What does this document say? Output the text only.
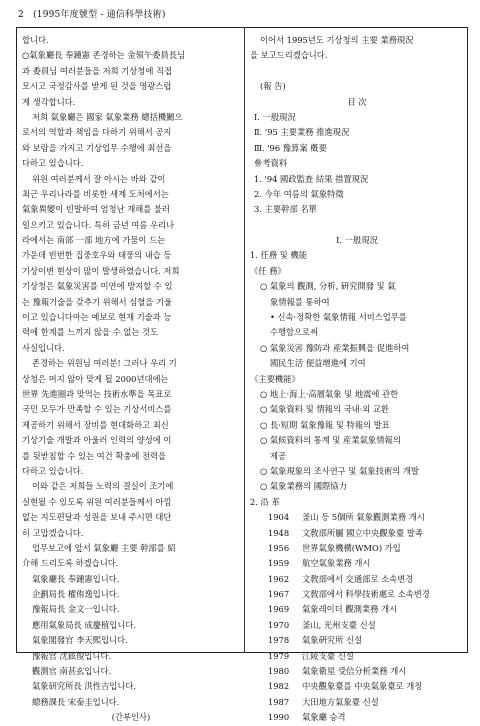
2 (1995年度號型 - 通信科學技術)
합니다.
○氣象廳長 奉鍾憲 존경하는 金領午委員長님
과 委員님 여러분들을 저희 기상청에 직접
모시고 국정감사를 받게 된 것을 영광스럽
게 생각합니다.
저희 氣象廳은 國家 氣象業務 總括機關으
로서의 역할과 책임을 다하기 위해서 공지
와 보람을 가지고 기상업무 수행에 최선을
다하고 있습니다.
위원 여러분께서 잘 아시는 바와 같이
최근 우리나라를 비롯한 세계 도처에서는
氣象異變이 빈발하여 엄청난 재해를 불러
일으키고 있습니다. 특히 금년 여름 우리나
라에서는 南部 一部 地方에 가뭄이 드는
가운데 빈번한 집중호우와 태풍의 내습 등
기상이변 현상이 많이 발생하였습니다. 저희
기상청은 氣象災害를 미연에 방지할 수 있
는 豫報기술을 갖추기 위해서 심혈을 기울
이고 있습니다마는 예보로 현재 기술과 능
력에 한계를 느끼지 않을 수 없는 것도
사실입니다.
존경하는 위원님 여러분! 그러나 우리 기
상청은 머지 않아 맞게 될 2000년대에는
世界 先進圈과 맞먹는 技術水準을 목표로
국민 모두가 만족할 수 있는 기상서비스를
제공하기 위해서 장비를 현대화하고 최신
기상기술 개발과 아울러 인력의 양성에 이
를 뒷받침할 수 있는 여건 확충에 전력을
다하고 있습니다.
이와 같은 저희들 노력의 결실이 조기에
실현될 수 있도록 위원 여러분들께서 아낌
없는 지도편달과 성원을 보내 주시면 대단
히 고맙겠습니다.
업무보고에 앞서 氣象廳 主要 幹部를 紹
介해 드리도록 하겠습니다.
氣象廳長 奉鍾憲입니다.
企劃局長 權侑逸입니다.
豫報局長 金文一입니다.
應用氣象局長 成慶植입니다.
氣象閣發官 李天熙입니다.
豫報官 沈鉉俊입니다.
觀測官 南甚玄입니다.
氣象研究所長 洪性吉입니다.
總務課長 宋泰圭입니다.
(간부인사)
이어서 1995년도 기상청의 主要 業務現況
을 보고드리겠습니다.
(報 告)
目 次
Ⅰ. 一般現況
Ⅱ. '95 主要業務 推進現況
Ⅲ. '96 豫算案 槪要
參考資料
1. '94 國政監査 結果 措置現況
2. 今年 여름의 氣象特徵
3. 主要幹部 名單
Ⅰ. 一般現況
1. 任務 및 機能
《任 務》
○ 氣象의 觀測, 分析, 硏究開發 및 氣
象情報를 통하여
• 신속·정확한 氣象情報 서비스업무를
수행함으로써
○ 氣象災害 豫防과 産業振興을 促進하여
國民生活 便益增進에 기여
《主要機能》
○ 地上·海上·高層氣象 및 地震에 관한
○ 氣象資料 및 情報의 국내·외 교환
○ 長·短期 氣象豫報 및 特報의 발표
○ 氣候資料의 통계 및 産業氣象情報의
제공
○ 氣象現象의 조사연구 및 氣象技術의 개발
○ 氣象業務의 國際協力
2. 沿 革
1904	釜山 등 5個所 氣象觀測業務 개시
1948	文敎部所屬 國立中央觀象臺 발족
1956	世界氣象機構(WMO) 가입
1959	航空氣象業務 개시
1962	文敎部에서 交通部로 소속변경
1967	文敎部에서 科學技術處로 소속변경
1969	氣象레이더 觀測業務 개시
1970	釜山, 光州支臺 신설
1978	氣象硏究所 신설
1979	江陵支臺 신설
1980	氣象衛星 受信分析業務 개시
1982	中央觀象臺를 中央氣象臺로 개칭
1987	大田地方氣象臺 신설
1990	氣象廳 승격
